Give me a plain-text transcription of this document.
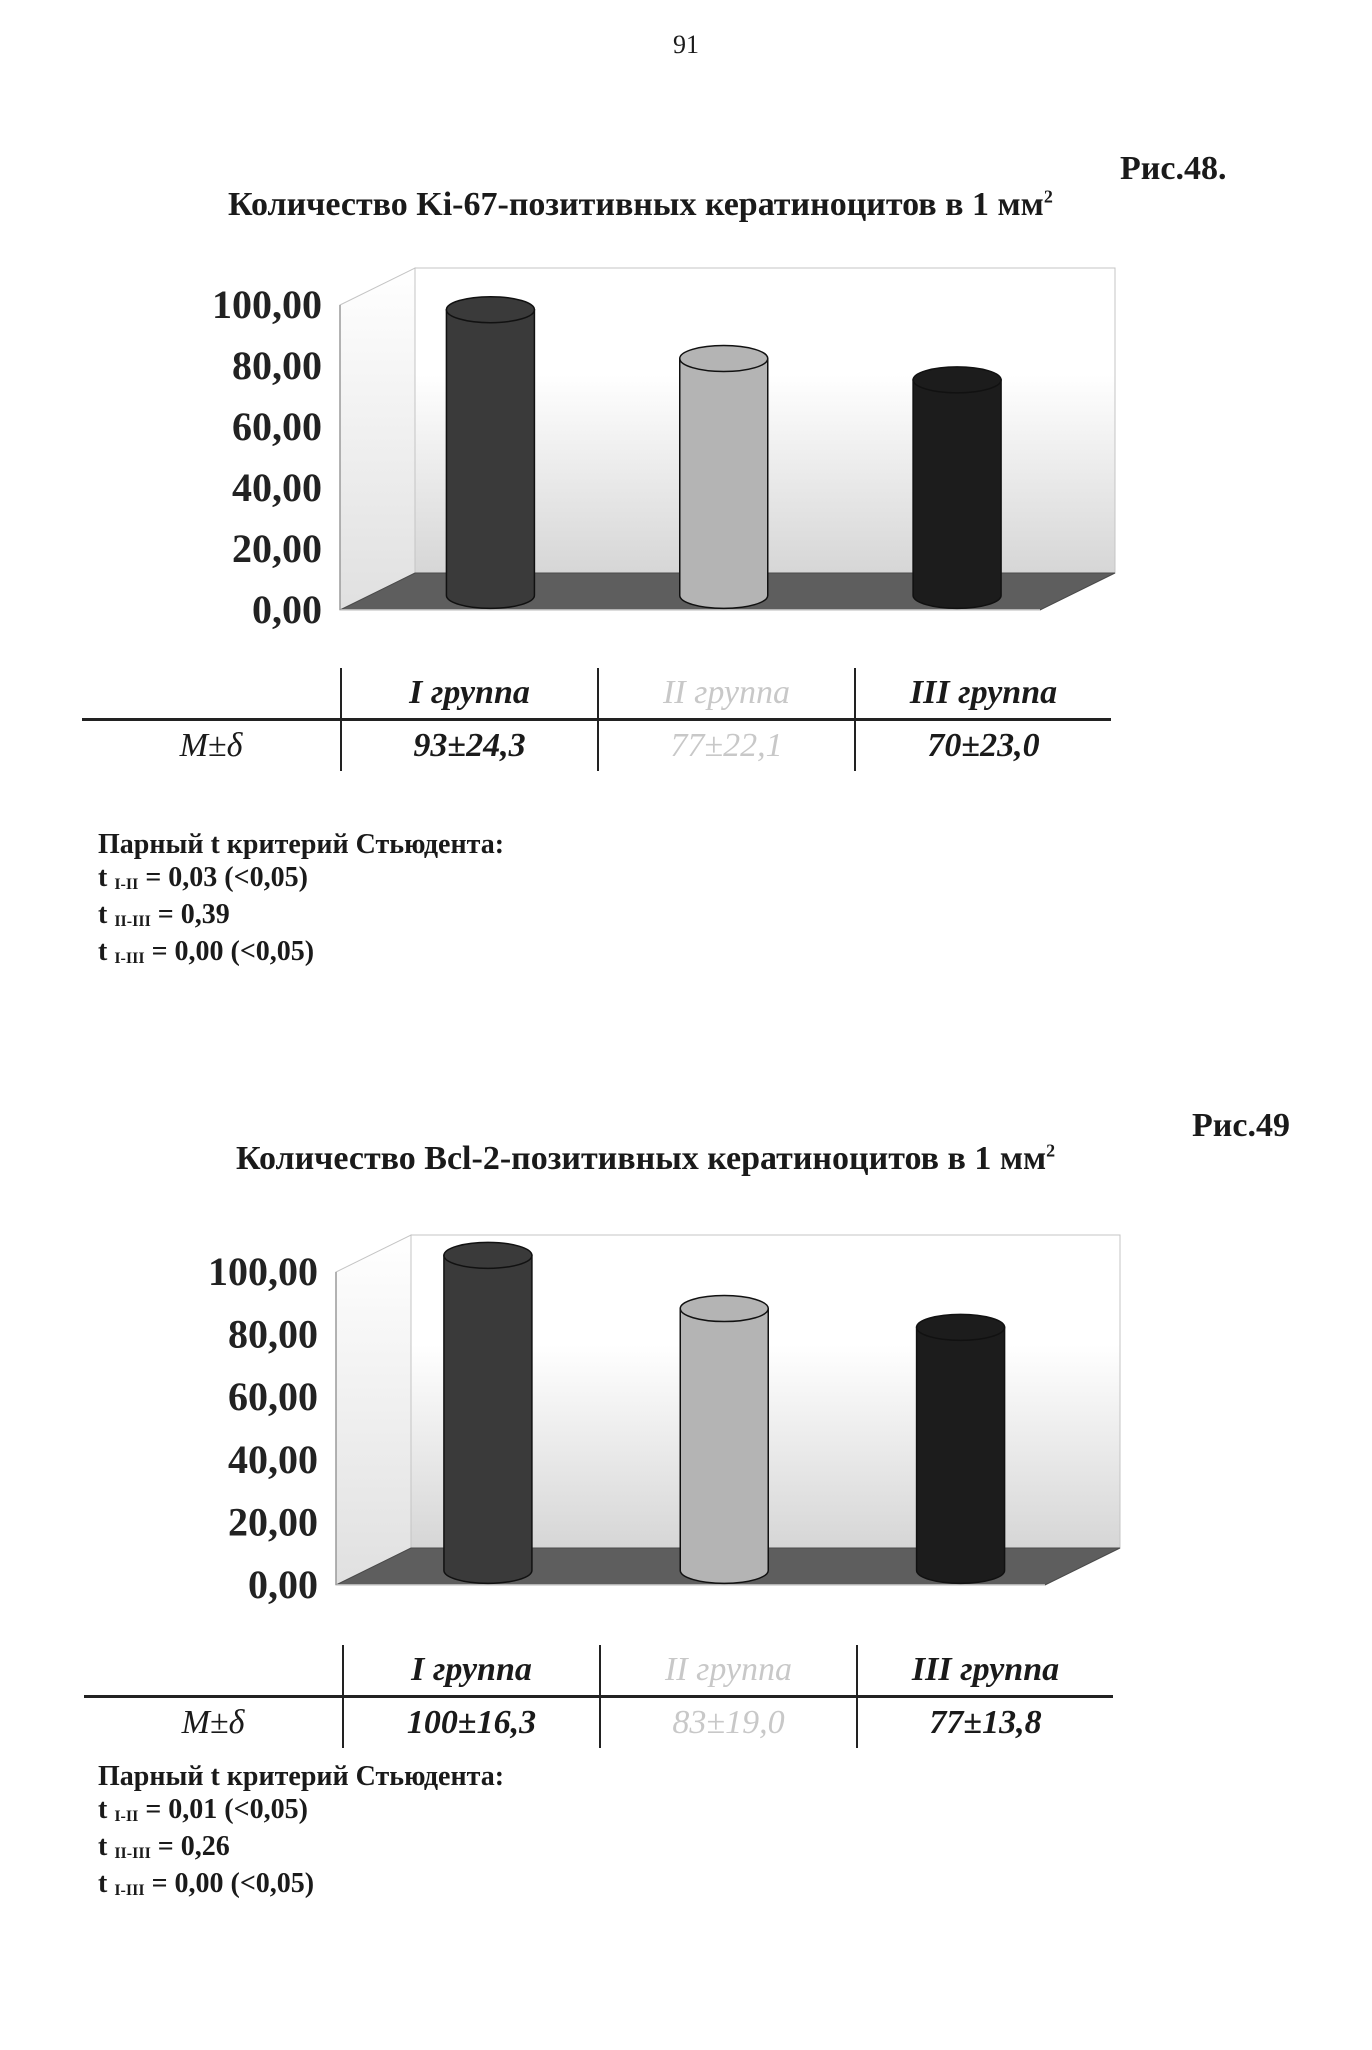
91
Рис.48.
Количество Ki-67-позитивных кератиноцитов в 1 $мм^2$
100,00
80,00
60,00
40,00
20,00
0,00
	I группа	II группа	III группа
M±δ	93±24,3	77±22,1	70±23,0
Парный t критерий Стьюдента:
t $_{I-II}$ = 0,03 (<0,05)
t $_{II-III}$ = 0,39
t $_{I-III}$ = 0,00 (<0,05)
Рис.49
Количество Bcl-2-позитивных кератиноцитов в 1 $мм^2$
100,00
80,00
60,00
40,00
20,00
0,00
	I группа	II группа	III группа
M±δ	100±16,3	83±19,0	77±13,8
Парный t критерий Стьюдента:
t $_{I-II}$ = 0,01 (<0,05)
t $_{II-III}$ = 0,26
t $_{I-III}$ = 0,00 (<0,05)
